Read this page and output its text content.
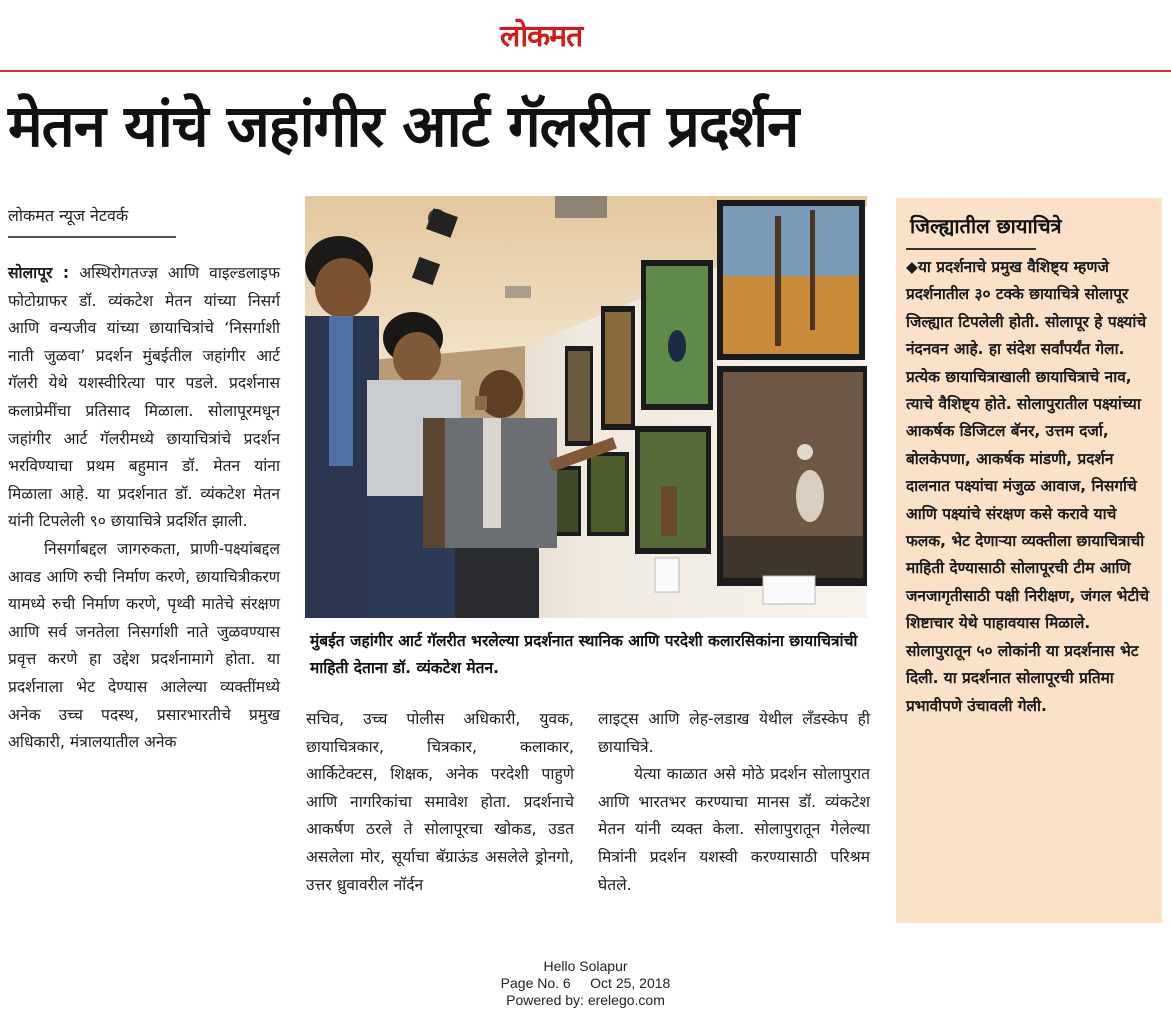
लोकमत
मेतन यांचे जहांगीर आर्ट गॅलरीत प्रदर्शन
लोकमत न्यूज नेटवर्क

सोलापूर : अस्थिरोगतज्ज्ञ आणि वाइल्डलाइफ फोटोग्राफर डॉ. व्यंकटेश मेतन यांच्या निसर्ग आणि वन्यजीव यांच्या छायाचित्रांचे ‘निसर्गाशी नाती जुळवा’ प्रदर्शन मुंबईतील जहांगीर आर्ट गॅलरी येथे यशस्वीरित्या पार पडले. प्रदर्शनास कलाप्रेमींचा प्रतिसाद मिळाला. सोलापूरमधून जहांगीर आर्ट गॅलरीमध्ये छायाचित्रांचे प्रदर्शन भरविण्याचा प्रथम बहुमान डॉ. मेतन यांना मिळाला आहे. या प्रदर्शनात डॉ. व्यंकटेश मेतन यांनी टिपलेली ९० छायाचित्रे प्रदर्शित झाली.

निसर्गाबद्दल जागरुकता, प्राणी-पक्ष्यांबद्दल आवड आणि रुची निर्माण करणे, छायाचित्रीकरण यामध्ये रुची निर्माण करणे, पृथ्वी मातेचे संरक्षण आणि सर्व जनतेला निसर्गाशी नाते जुळवण्यास प्रवृत्त करणे हा उद्देश प्रदर्शनामागे होता. या प्रदर्शनाला भेट देण्यास आलेल्या व्यक्तींमध्ये अनेक उच्च पदस्थ, प्रसारभारतीचे प्रमुख अधिकारी, मंत्रालयातील अनेक

मुंबईत जहांगीर आर्ट गॅलरीत भरलेल्या प्रदर्शनात स्थानिक आणि परदेशी कलारसिकांना छायाचित्रांची माहिती देताना डॉ. व्यंकटेश मेतन.

सचिव, उच्च पोलीस अधिकारी, युवक, छायाचित्रकार, चित्रकार, कलाकार, आर्किटेक्टस, शिक्षक, अनेक परदेशी पाहुणे आणि नागरिकांचा समावेश होता. प्रदर्शनाचे आकर्षण ठरले ते सोलापूरचा खोकड, उडत असलेला मोर, सूर्याचा बॅग्राऊंड असलेले ड्रोनगो, उत्तर ध्रुवावरील नॉर्दन

लाइट्स आणि लेह-लडाख येथील लँडस्केप ही छायाचित्रे.

येत्या काळात असे मोठे प्रदर्शन सोलापुरात आणि भारतभर करण्याचा मानस डॉ. व्यंकटेश मेतन यांनी व्यक्त केला. सोलापुरातून गेलेल्या मित्रांनी प्रदर्शन यशस्वी करण्यासाठी परिश्रम घेतले.

जिल्ह्यातील छायाचित्रे
◆या प्रदर्शनाचे प्रमुख वैशिष्ट्य म्हणजे प्रदर्शनातील ३० टक्के छायाचित्रे सोलापूर जिल्ह्यात टिपलेली होती. सोलापूर हे पक्ष्यांचे नंदनवन आहे. हा संदेश सर्वांपर्यंत गेला. प्रत्येक छायाचित्राखाली छायाचित्राचे नाव, त्याचे वैशिष्ट्य होते. सोलापुरातील पक्ष्यांच्या आकर्षक डिजिटल बॅनर, उत्तम दर्जा, बोलकेपणा, आकर्षक मांडणी, प्रदर्शन दालनात पक्ष्यांचा मंजुळ आवाज, निसर्गाचे आणि पक्ष्यांचे संरक्षण कसे करावे याचे फलक, भेट देणाऱ्या व्यक्तीला छायाचित्राची माहिती देण्यासाठी सोलापूरची टीम आणि जनजागृतीसाठी पक्षी निरीक्षण, जंगल भेटीचे शिष्टाचार येथे पाहावयास मिळाले. सोलापुरातून ५० लोकांनी या प्रदर्शनास भेट दिली. या प्रदर्शनात सोलापूरची प्रतिमा प्रभावीपणे उंचावली गेली.
Hello Solapur
Page No. 6     Oct 25, 2018
Powered by: erelego.com
